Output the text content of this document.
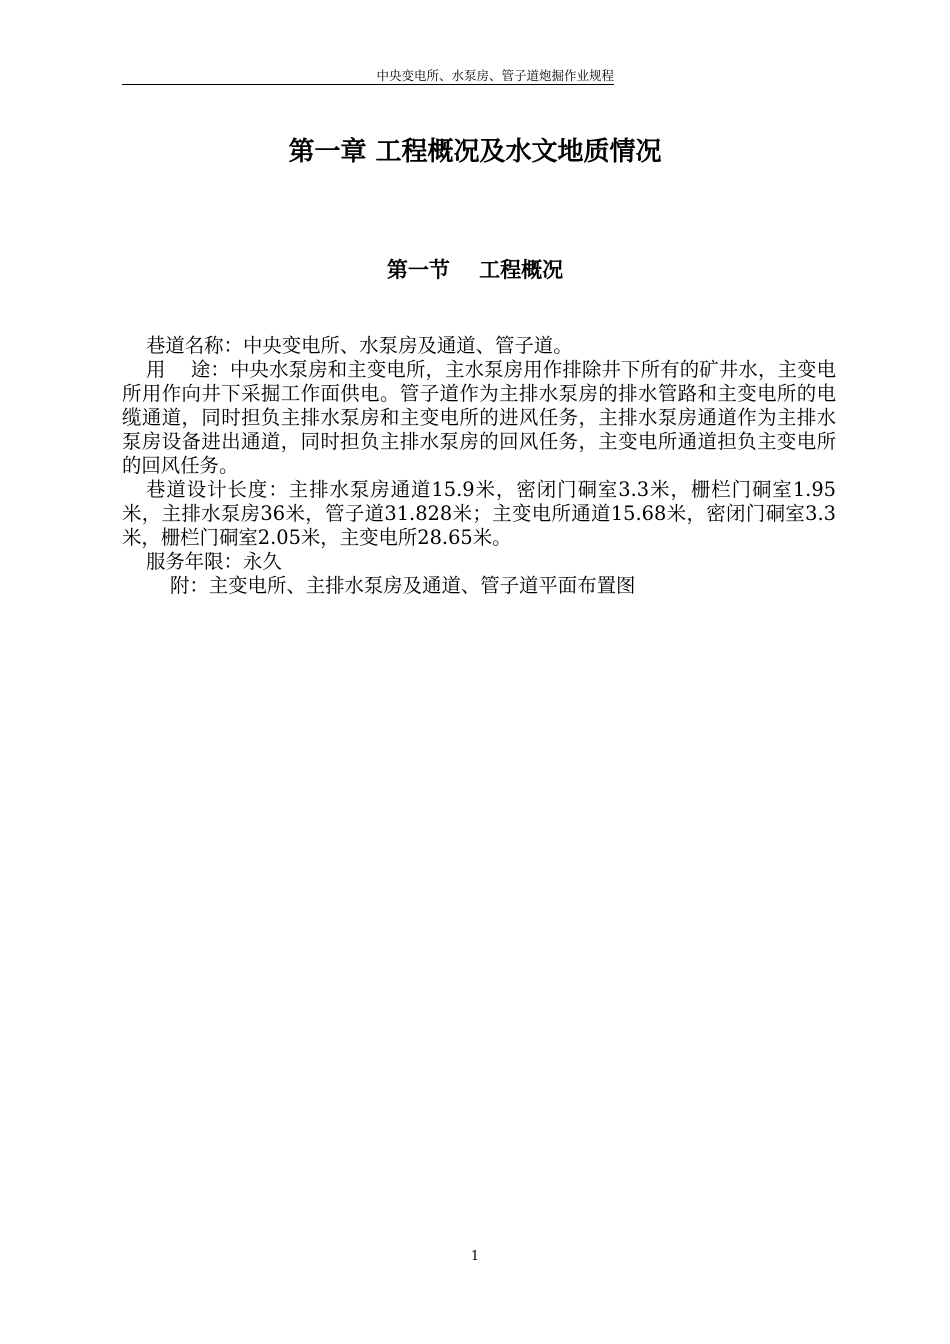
中央变电所、水泵房、管子道炮掘作业规程
第一章 工程概况及水文地质情况
第一节    工程概况

巷道名称：中央变电所、水泵房及通道、管子道。

用    途：中央水泵房和主变电所，主水泵房用作排除井下所有的矿井水，主变电所用作向井下采掘工作面供电。管子道作为主排水泵房的排水管路和主变电所的电缆通道，同时担负主排水泵房和主变电所的进风任务，主排水泵房通道作为主排水泵房设备进出通道，同时担负主排水泵房的回风任务，主变电所通道担负主变电所的回风任务。

巷道设计长度：主排水泵房通道15.9米，密闭门硐室3.3米，栅栏门硐室1.95米，主排水泵房36米，管子道31.828米；主变电所通道15.68米，密闭门硐室3.3米，栅栏门硐室2.05米，主变电所28.65米。

服务年限：永久

附：主变电所、主排水泵房及通道、管子道平面布置图

1
